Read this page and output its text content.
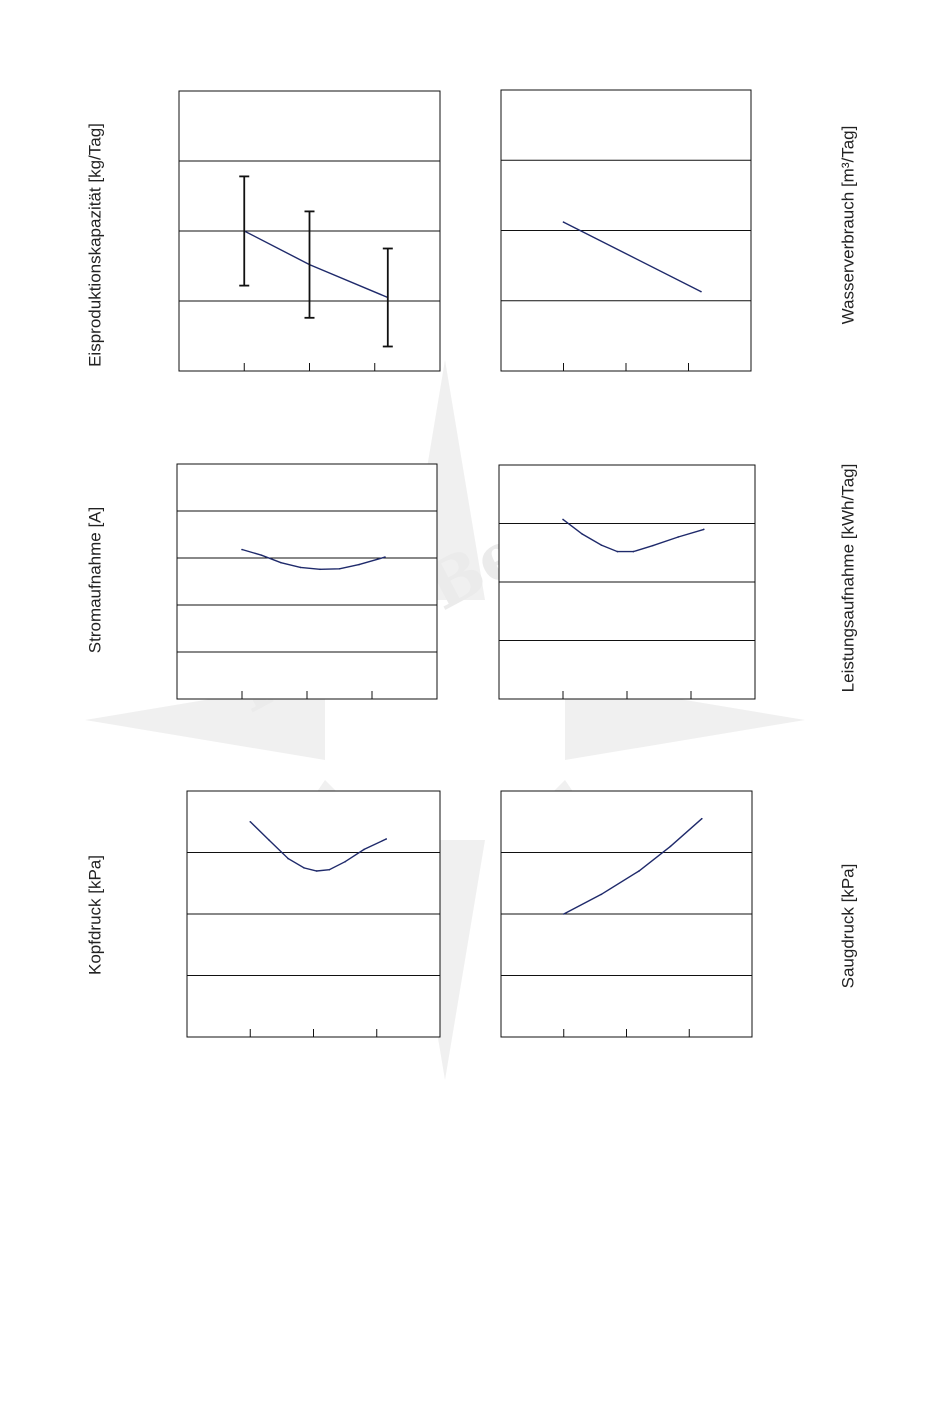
Eisproduktionskapazität [kg/Tag]	Wasserverbrauch [m³/Tag]
Stromaufnahme [A]	Leistungsaufnahme [kWh/Tag]
Kopfdruck [kPa]	Saugdruck [kPa]
